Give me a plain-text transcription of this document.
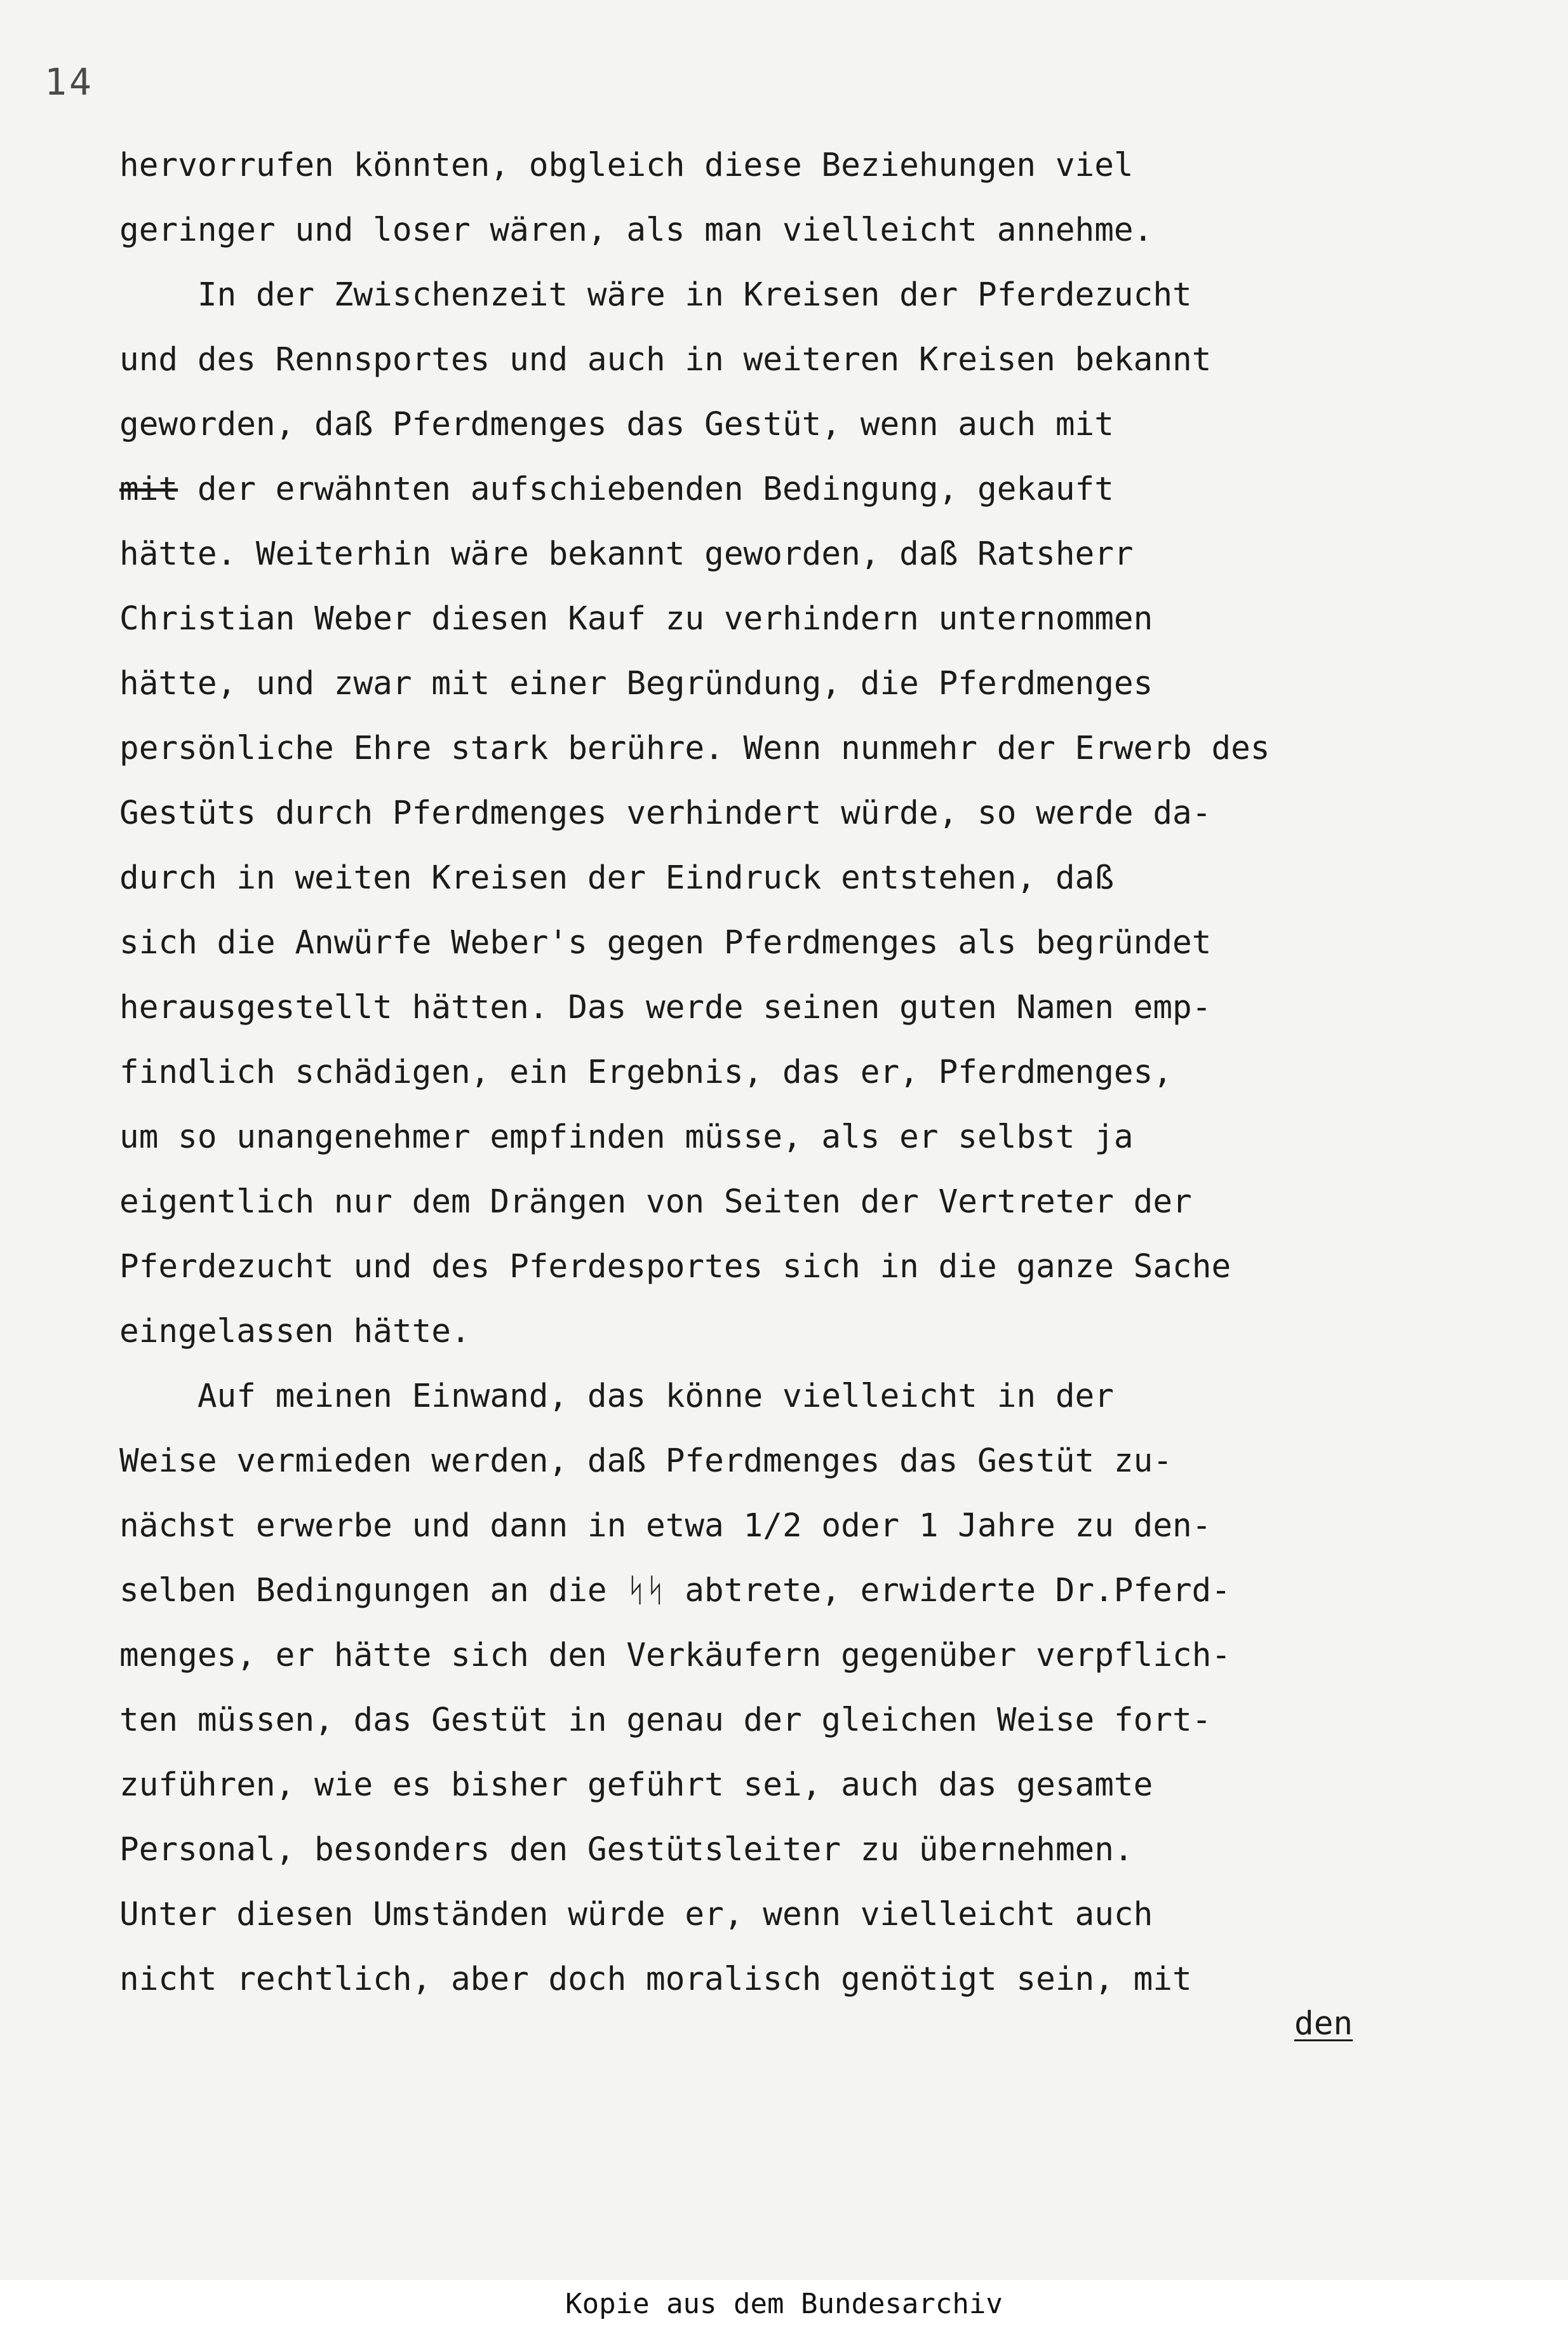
14
hervorrufen könnten, obgleich diese Beziehungen viel
geringer und loser wären, als man vielleicht annehme.
In der Zwischenzeit wäre in Kreisen der Pferdezucht
und des Rennsportes und auch in weiteren Kreisen bekannt
geworden, daß Pferdmenges das Gestüt, wenn auch mit
mit der erwähnten aufschiebenden Bedingung, gekauft
hätte. Weiterhin wäre bekannt geworden, daß Ratsherr
Christian Weber diesen Kauf zu verhindern unternommen
hätte, und zwar mit einer Begründung, die Pferdmenges
persönliche Ehre stark berühre. Wenn nunmehr der Erwerb des
Gestüts durch Pferdmenges verhindert würde, so werde da-
durch in weiten Kreisen der Eindruck entstehen, daß
sich die Anwürfe Weber's gegen Pferdmenges als begründet
herausgestellt hätten. Das werde seinen guten Namen emp-
findlich schädigen, ein Ergebnis, das er, Pferdmenges,
um so unangenehmer empfinden müsse, als er selbst ja
eigentlich nur dem Drängen von Seiten der Vertreter der
Pferdezucht und des Pferdesportes sich in die ganze Sache
eingelassen hätte.
Auf meinen Einwand, das könne vielleicht in der
Weise vermieden werden, daß Pferdmenges das Gestüt zu-
nächst erwerbe und dann in etwa 1/2 oder 1 Jahre zu den-
selben Bedingungen an die ᛋᛋ abtrete, erwiderte Dr.Pferd-
menges, er hätte sich den Verkäufern gegenüber verpflich-
ten müssen, das Gestüt in genau der gleichen Weise fort-
zuführen, wie es bisher geführt sei, auch das gesamte
Personal, besonders den Gestütsleiter zu übernehmen.
Unter diesen Umständen würde er, wenn vielleicht auch
nicht rechtlich, aber doch moralisch genötigt sein, mit
den
Kopie aus dem Bundesarchiv
